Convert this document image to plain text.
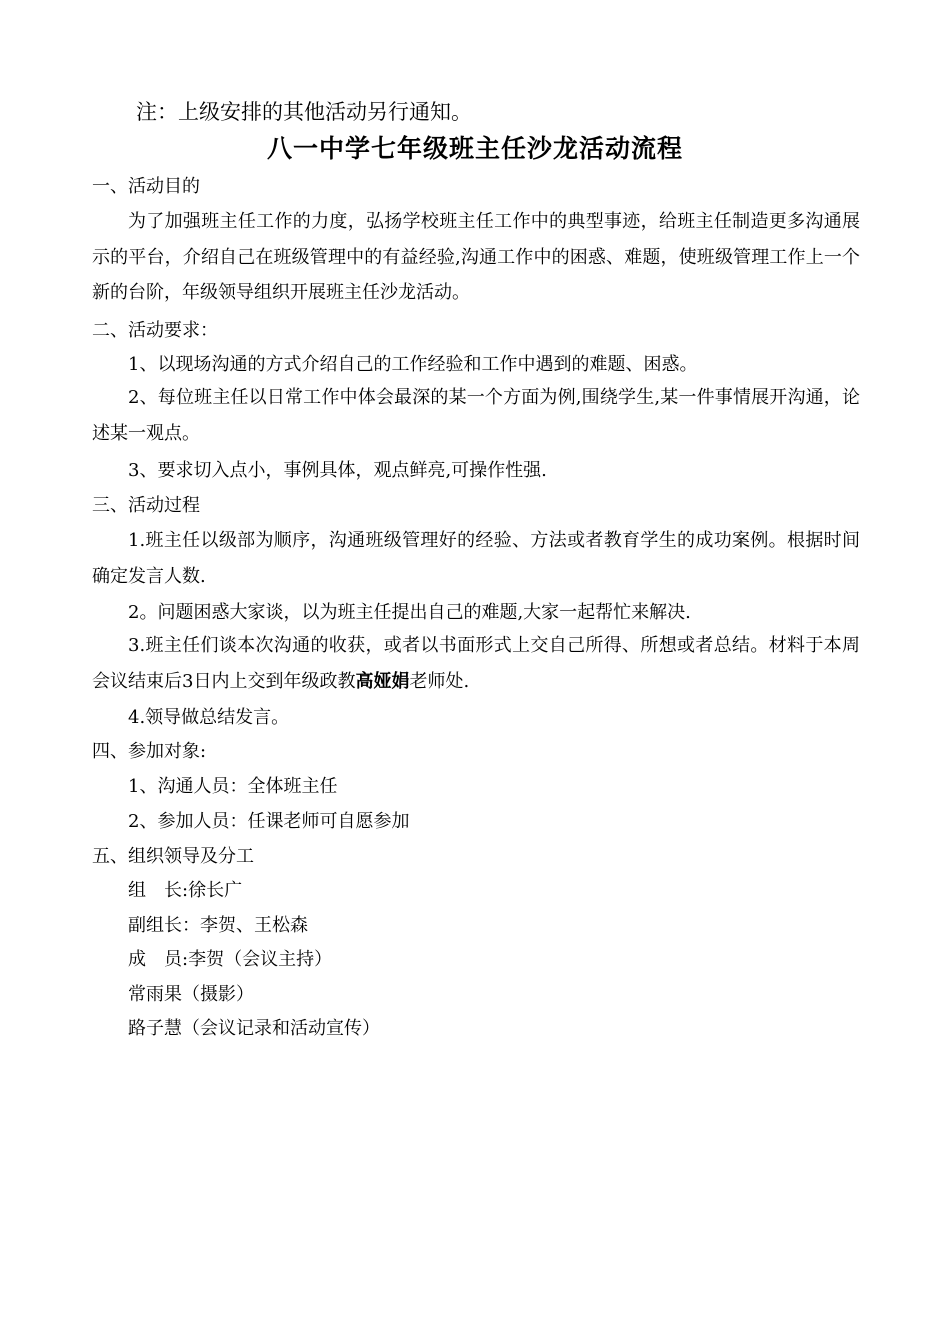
注：上级安排的其他活动另行通知。
八一中学七年级班主任沙龙活动流程
一、活动目的
为了加强班主任工作的力度，弘扬学校班主任工作中的典型事迹，给班主任制造更多沟通展示的平台，介绍自己在班级管理中的有益经验,沟通工作中的困惑、难题，使班级管理工作上一个新的台阶，年级领导组织开展班主任沙龙活动。
二、活动要求：
1、以现场沟通的方式介绍自己的工作经验和工作中遇到的难题、困惑。
2、每位班主任以日常工作中体会最深的某一个方面为例,围绕学生,某一件事情展开沟通，论述某一观点。
3、要求切入点小，事例具体，观点鲜亮,可操作性强.
三、活动过程
1.班主任以级部为顺序，沟通班级管理好的经验、方法或者教育学生的成功案例。根据时间确定发言人数.
2。问题困惑大家谈，以为班主任提出自己的难题,大家一起帮忙来解决.
3.班主任们谈本次沟通的收获，或者以书面形式上交自己所得、所想或者总结。材料于本周会议结束后3日内上交到年级政教高娅娟老师处.
4.领导做总结发言。
四、参加对象:
1、沟通人员：全体班主任
2、参加人员：任课老师可自愿参加
五、组织领导及分工
组　长:徐长广
副组长：李贺、王松森
成　员:李贺（会议主持）
常雨果（摄影）
路子慧（会议记录和活动宣传）
